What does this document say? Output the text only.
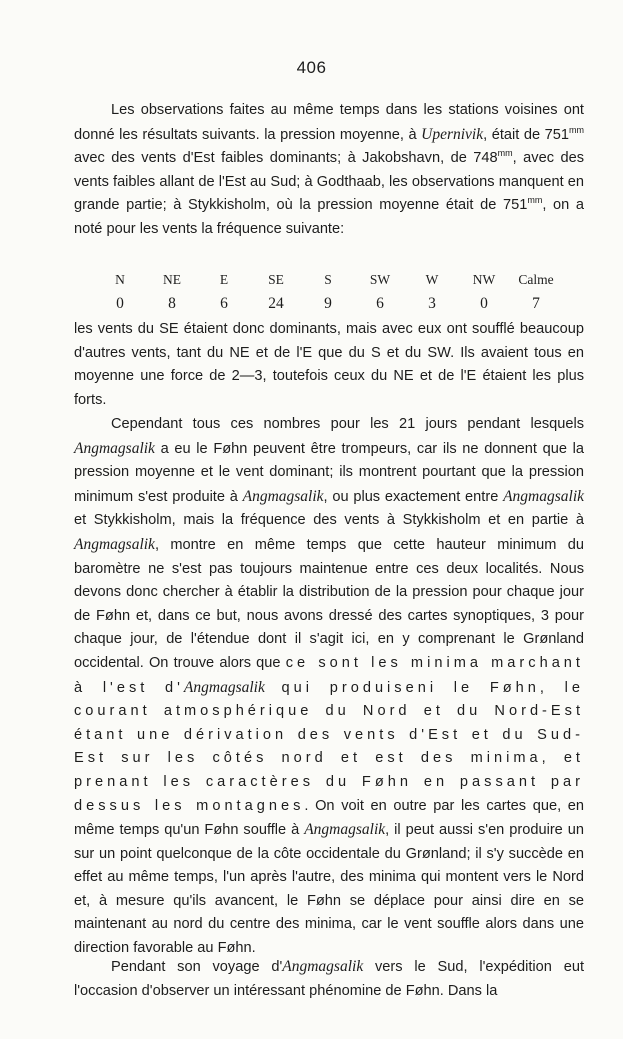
406

Les observations faites au même temps dans les stations voisines ont donné les résultats suivants. la pression moyenne, à Upernivik, était de $751^{mm}$ avec des vents d'Est faibles dominants; à Jakobshavn, de $748^{mm}$, avec des vents faibles allant de l'Est au Sud; à Godthaab, les observations manquent en grande partie; à Stykkisholm, où la pression moyenne était de $751^{mm}$, on a noté pour les vents la fréquence suivante:

N	NE	E	SE	S	SW	W	NW	Calme
0	8	6	24	9	6	3	0	7

les vents du SE étaient donc dominants, mais avec eux ont soufflé beaucoup d'autres vents, tant du NE et de l'E que du S et du SW. Ils avaient tous en moyenne une force de 2—3, toutefois ceux du NE et de l'E étaient les plus forts.

Cependant tous ces nombres pour les 21 jours pendant lesquels Angmagsalik a eu le Føhn peuvent être trompeurs, car ils ne donnent que la pression moyenne et le vent dominant; ils montrent pourtant que la pression minimum s'est produite à Angmagsalik, ou plus exactement entre Angmagsalik et Stykkisholm, mais la fréquence des vents à Stykkisholm et en partie à Angmagsalik, montre en même temps que cette hauteur minimum du baromètre ne s'est pas toujours maintenue entre ces deux localités. Nous devons donc chercher à établir la distribution de la pression pour chaque jour de Føhn et, dans ce but, nous avons dressé des cartes synoptiques, 3 pour chaque jour, de l'étendue dont il s'agit ici, en y comprenant le Grønland occidental. On trouve alors que ce sont les minima marchant à l'est d'Angmagsalik qui produiseni le Føhn, le courant atmosphérique du Nord et du Nord-Est étant une dérivation des vents d'Est et du Sud-Est sur les côtés nord et est des minima, et prenant les caractères du Føhn en passant par dessus les montagnes. On voit en outre par les cartes que, en même temps qu'un Føhn souffle à Angmagsalik, il peut aussi s'en produire un sur un point quelconque de la côte occidentale du Grønland; il s'y succède en effet au même temps, l'un après l'autre, des minima qui montent vers le Nord et, à mesure qu'ils avancent, le Føhn se déplace pour ainsi dire en se maintenant au nord du centre des minima, car le vent souffle alors dans une direction favorable au Føhn.

Pendant son voyage d'Angmagsalik vers le Sud, l'expédition eut l'occasion d'observer un intéressant phénomine de Føhn. Dans la
